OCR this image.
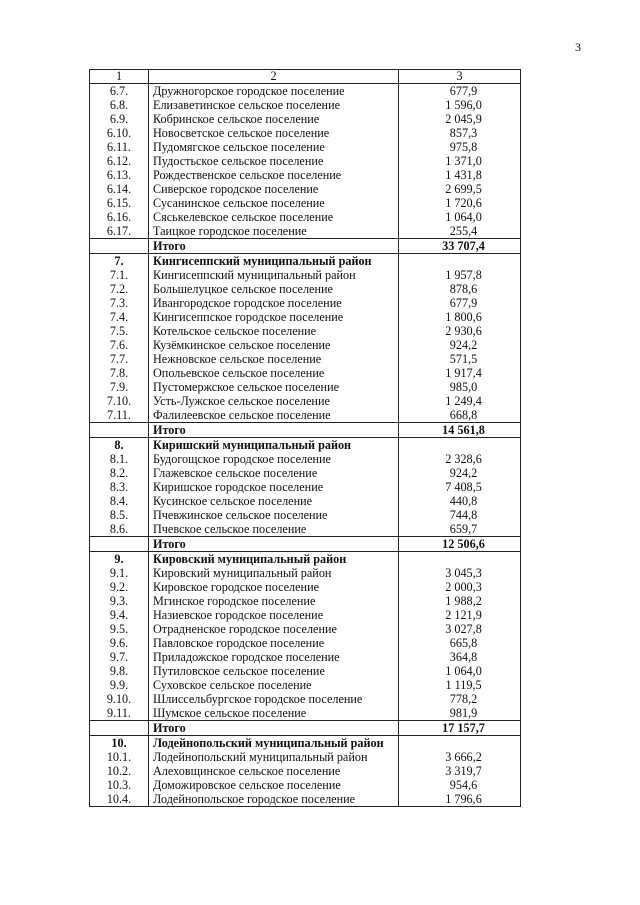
3
1	2	3
6.7.	Дружногорское городское поселение	677,9
6.8.	Елизаветинское сельское поселение	1 596,0
6.9.	Кобринское сельское поселение	2 045,9
6.10.	Новосветское сельское поселение	857,3
6.11.	Пудомягское сельское поселение	975,8
6.12.	Пудостьское сельское поселение	1 371,0
6.13.	Рождественское сельское поселение	1 431,8
6.14.	Сиверское городское поселение	2 699,5
6.15.	Сусанинское сельское поселение	1 720,6
6.16.	Сяськелевское сельское поселение	1 064,0
6.17.	Таицкое городское поселение	255,4
	Итого	33 707,4
7.	Кингисеппский муниципальный район	
7.1.	Кингисеппский муниципальный район	1 957,8
7.2.	Большелуцкое сельское поселение	878,6
7.3.	Ивангородское городское поселение	677,9
7.4.	Кингисеппское городское поселение	1 800,6
7.5.	Котельское сельское поселение	2 930,6
7.6.	Кузёмкинское сельское поселение	924,2
7.7.	Нежновское сельское поселение	571,5
7.8.	Опольевское сельское поселение	1 917,4
7.9.	Пустомержское сельское поселение	985,0
7.10.	Усть-Лужское сельское поселение	1 249,4
7.11.	Фалилеевское сельское поселение	668,8
	Итого	14 561,8
8.	Киришский муниципальный район	
8.1.	Будогощское городское поселение	2 328,6
8.2.	Глажевское сельское поселение	924,2
8.3.	Киришское городское поселение	7 408,5
8.4.	Кусинское сельское поселение	440,8
8.5.	Пчевжинское сельское поселение	744,8
8.6.	Пчевское сельское поселение	659,7
	Итого	12 506,6
9.	Кировский муниципальный район	
9.1.	Кировский муниципальный район	3 045,3
9.2.	Кировское городское поселение	2 000,3
9.3.	Мгинское городское поселение	1 988,2
9.4.	Назиевское городское поселение	2 121,9
9.5.	Отрадненское городское поселение	3 027,8
9.6.	Павловское городское поселение	665,8
9.7.	Приладожское городское поселение	364,8
9.8.	Путиловское сельское поселение	1 064,0
9.9.	Суховское сельское поселение	1 119,5
9.10.	Шлиссельбургское городское поселение	778,2
9.11.	Шумское сельское поселение	981,9
	Итого	17 157,7
10.	Лодейнопольский муниципальный район	
10.1.	Лодейнопольский муниципальный район	3 666,2
10.2.	Алеховщинское сельское поселение	3 319,7
10.3.	Доможировское сельское поселение	954,6
10.4.	Лодейнопольское городское поселение	1 796,6
